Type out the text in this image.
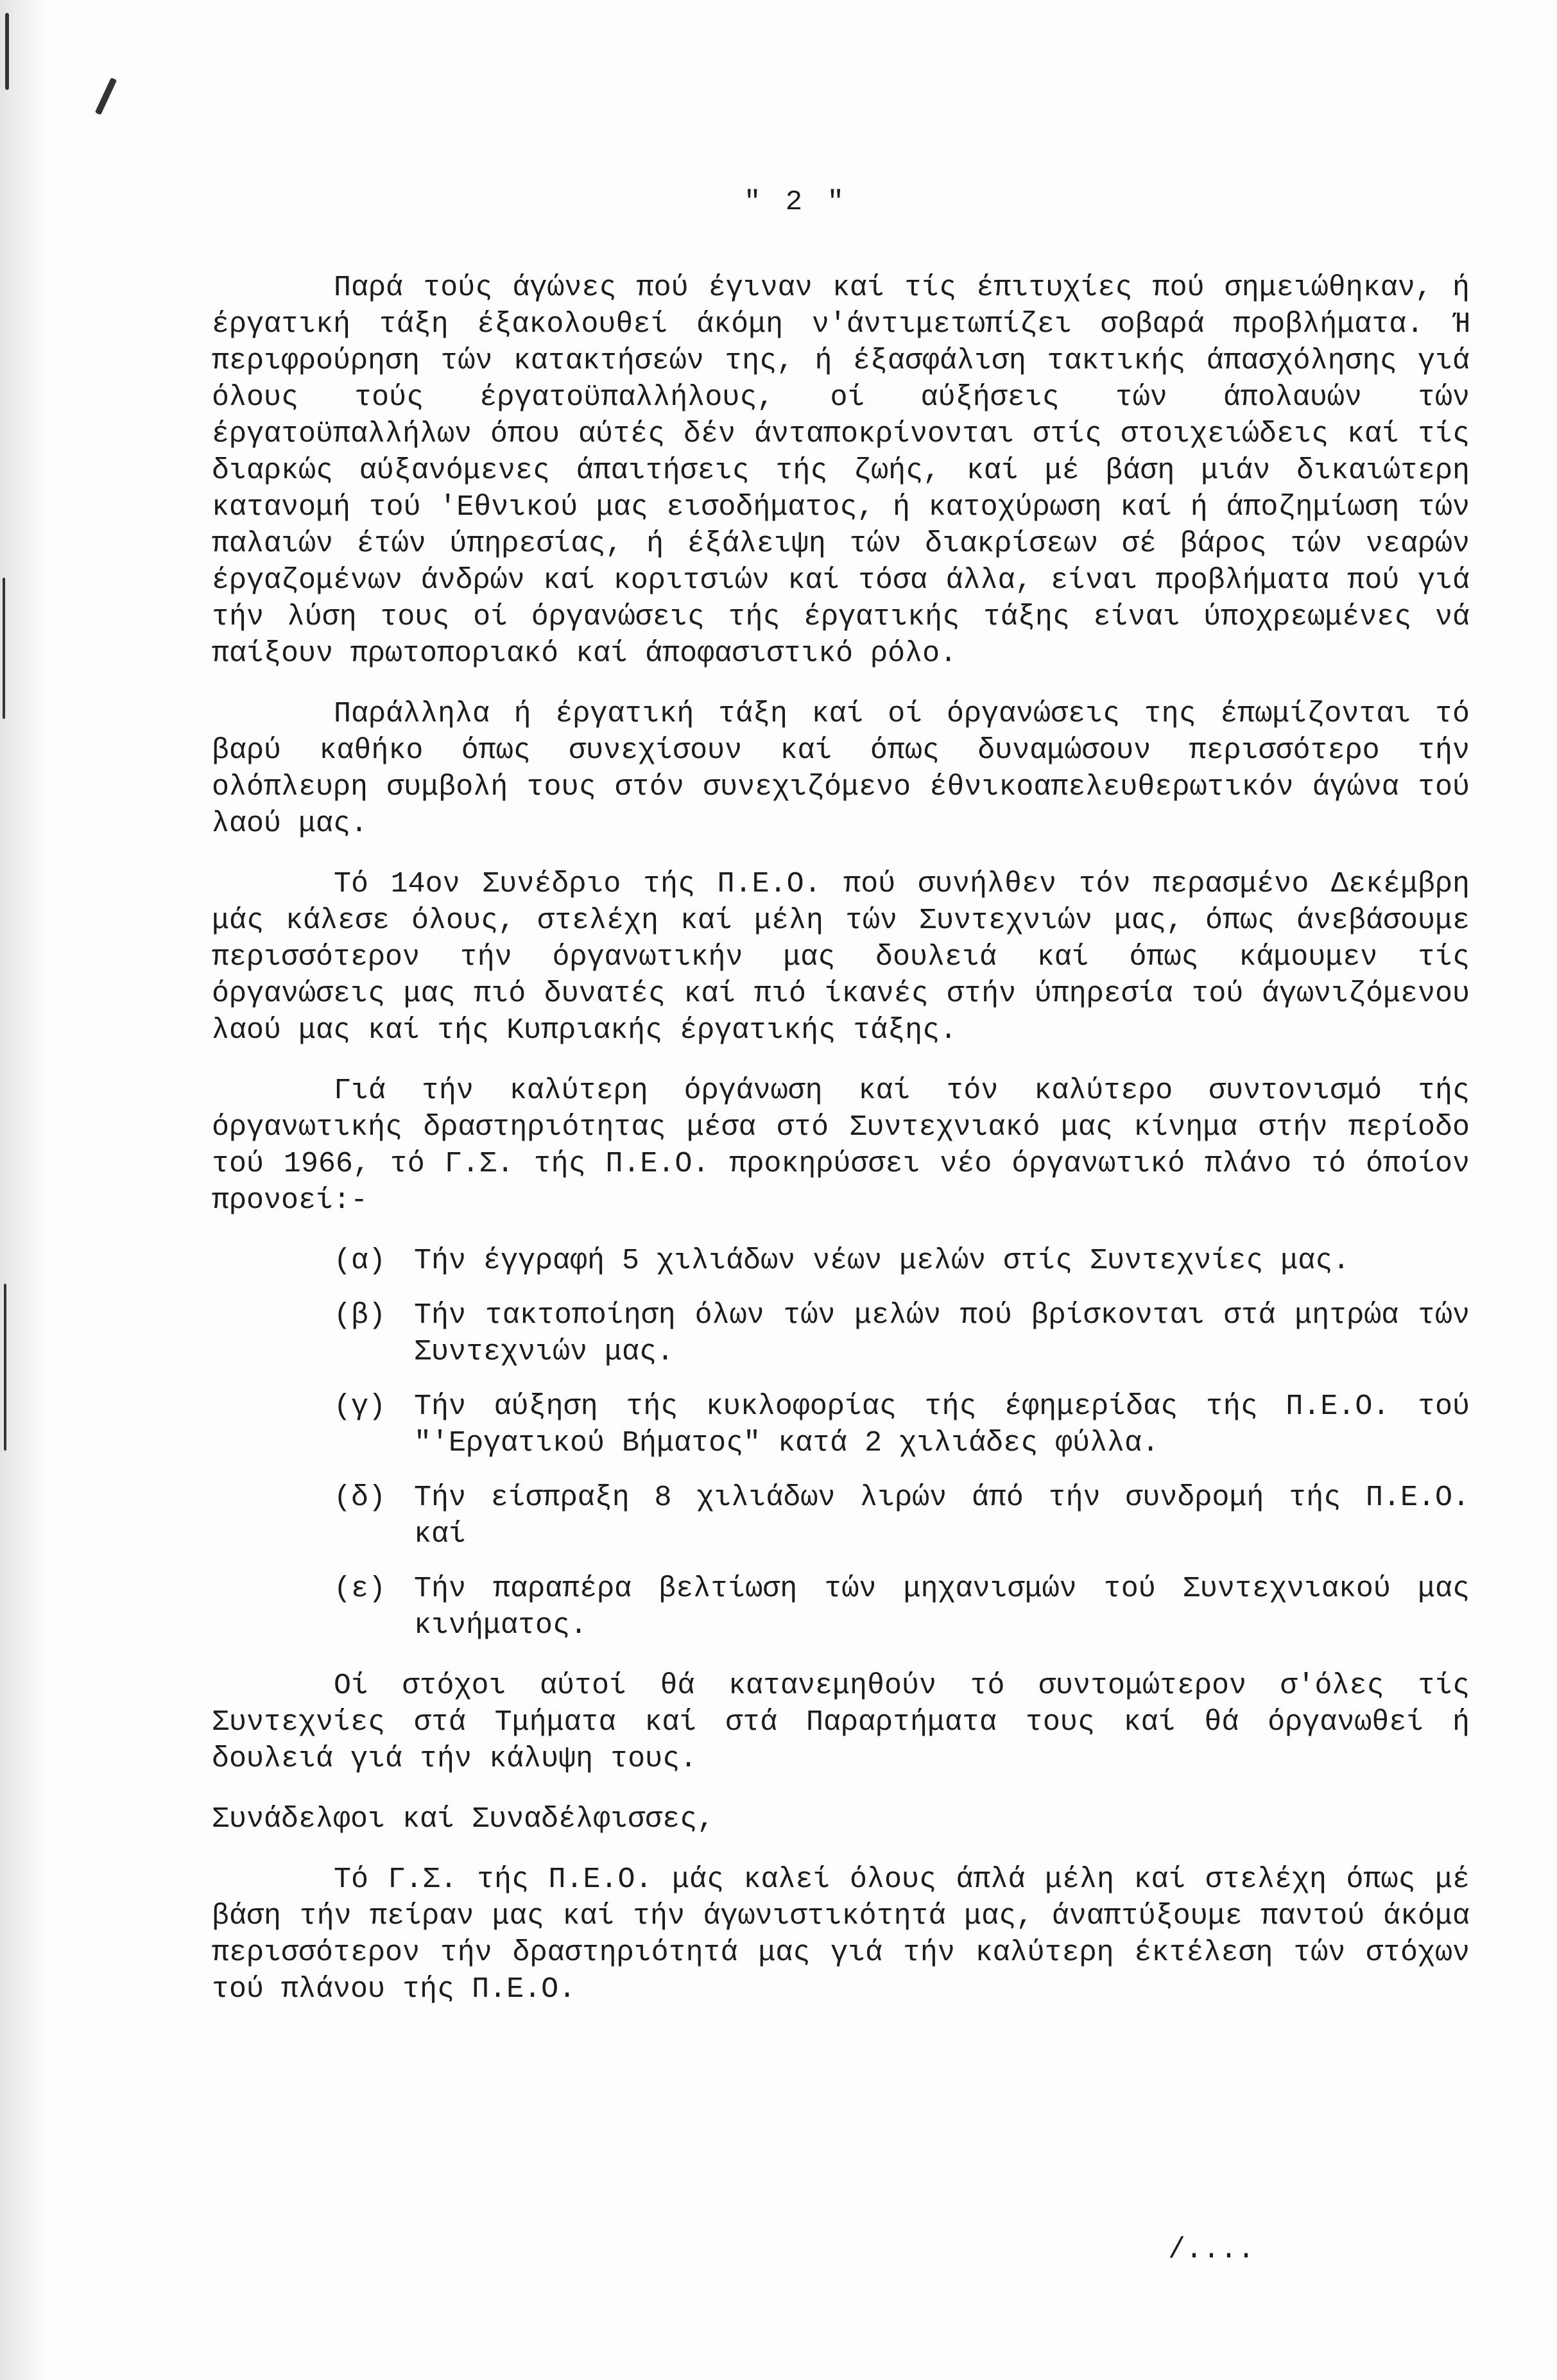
" 2 "

Παρά τούς άγώνες πού έγιναν καί τίς έπιτυχίες πού σημειώθηκαν, ή έργατική τάξη έξακολουθεί άκόμη ν'άντιμετωπίζει σοβαρά προβλήματα. Ή περιφρούρηση τών κατακτήσεών της, ή έξασφάλιση τακτικής άπασχόλησης γιά όλους τούς έργατοϋπαλλήλους, οί αύξήσεις τών άπολαυών τών έργατοϋπαλλήλων όπου αύτές δέν άνταποκρίνονται στίς στοιχειώδεις καί τίς διαρκώς αύξανόμενες άπαιτήσεις τής ζωής, καί μέ βάση μιάν δικαιώτερη κατανομή τού 'Εθνικού μας εισοδήματος, ή κατοχύρωση καί ή άποζημίωση τών παλαιών έτών ύπηρεσίας, ή έξάλειψη τών διακρίσεων σέ βάρος τών νεαρών έργαζομένων άνδρών καί κοριτσιών καί τόσα άλλα, είναι προβλήματα πού γιά τήν λύση τους οί όργανώσεις τής έργατικής τάξης είναι ύποχρεωμένες νά παίξουν πρωτοποριακό καί άποφασιστικό ρόλο.

Παράλληλα ή έργατική τάξη καί οί όργανώσεις της έπωμίζονται τό βαρύ καθήκο όπως συνεχίσουν καί όπως δυναμώσουν περισσότερο τήν ολόπλευρη συμβολή τους στόν συνεχιζόμενο έθνικοαπελευθερωτικόν άγώνα τού λαού μας.

Τό 14ον Συνέδριο τής Π.Ε.Ο. πού συνήλθεν τόν περασμένο Δεκέμβρη μάς κάλεσε όλους, στελέχη καί μέλη τών Συντεχνιών μας, όπως άνεβάσουμε περισσότερον τήν όργανωτικήν μας δουλειά καί όπως κάμουμεν τίς όργανώσεις μας πιό δυνατές καί πιό ίκανές στήν ύπηρεσία τού άγωνιζόμενου λαού μας καί τής Κυπριακής έργατικής τάξης.

Γιά τήν καλύτερη όργάνωση καί τόν καλύτερο συντονισμό τής όργανωτικής δραστηριότητας μέσα στό Συντεχνιακό μας κίνημα στήν περίοδο τού 1966, τό Γ.Σ. τής Π.Ε.Ο. προκηρύσσει νέο όργανωτικό πλάνο τό όποίον προνοεί:-

(α) Τήν έγγραφή 5 χιλιάδων νέων μελών στίς Συντεχνίες μας.
(β) Τήν τακτοποίηση όλων τών μελών πού βρίσκονται στά μητρώα τών Συντεχνιών μας.
(γ) Τήν αύξηση τής κυκλοφορίας τής έφημερίδας τής Π.Ε.Ο. τού "'Εργατικού Βήματος" κατά 2 χιλιάδες φύλλα.
(δ) Τήν είσπραξη 8 χιλιάδων λιρών άπό τήν συνδρομή τής Π.Ε.Ο. καί
(ε) Τήν παραπέρα βελτίωση τών μηχανισμών τού Συντεχνιακού μας κινήματος.

Οί στόχοι αύτοί θά κατανεμηθούν τό συντομώτερον σ'όλες τίς Συντεχνίες στά Τμήματα καί στά Παραρτήματα τους καί θά όργανωθεί ή δουλειά γιά τήν κάλυψη τους.

Συνάδελφοι καί Συναδέλφισσες,

Τό Γ.Σ. τής Π.Ε.Ο. μάς καλεί όλους άπλά μέλη καί στελέχη όπως μέ βάση τήν πείραν μας καί τήν άγωνιστικότητά μας, άναπτύξουμε παντού άκόμα περισσότερον τήν δραστηριότητά μας γιά τήν καλύτερη έκτέλεση τών στόχων τού πλάνου τής Π.Ε.Ο.

/....
